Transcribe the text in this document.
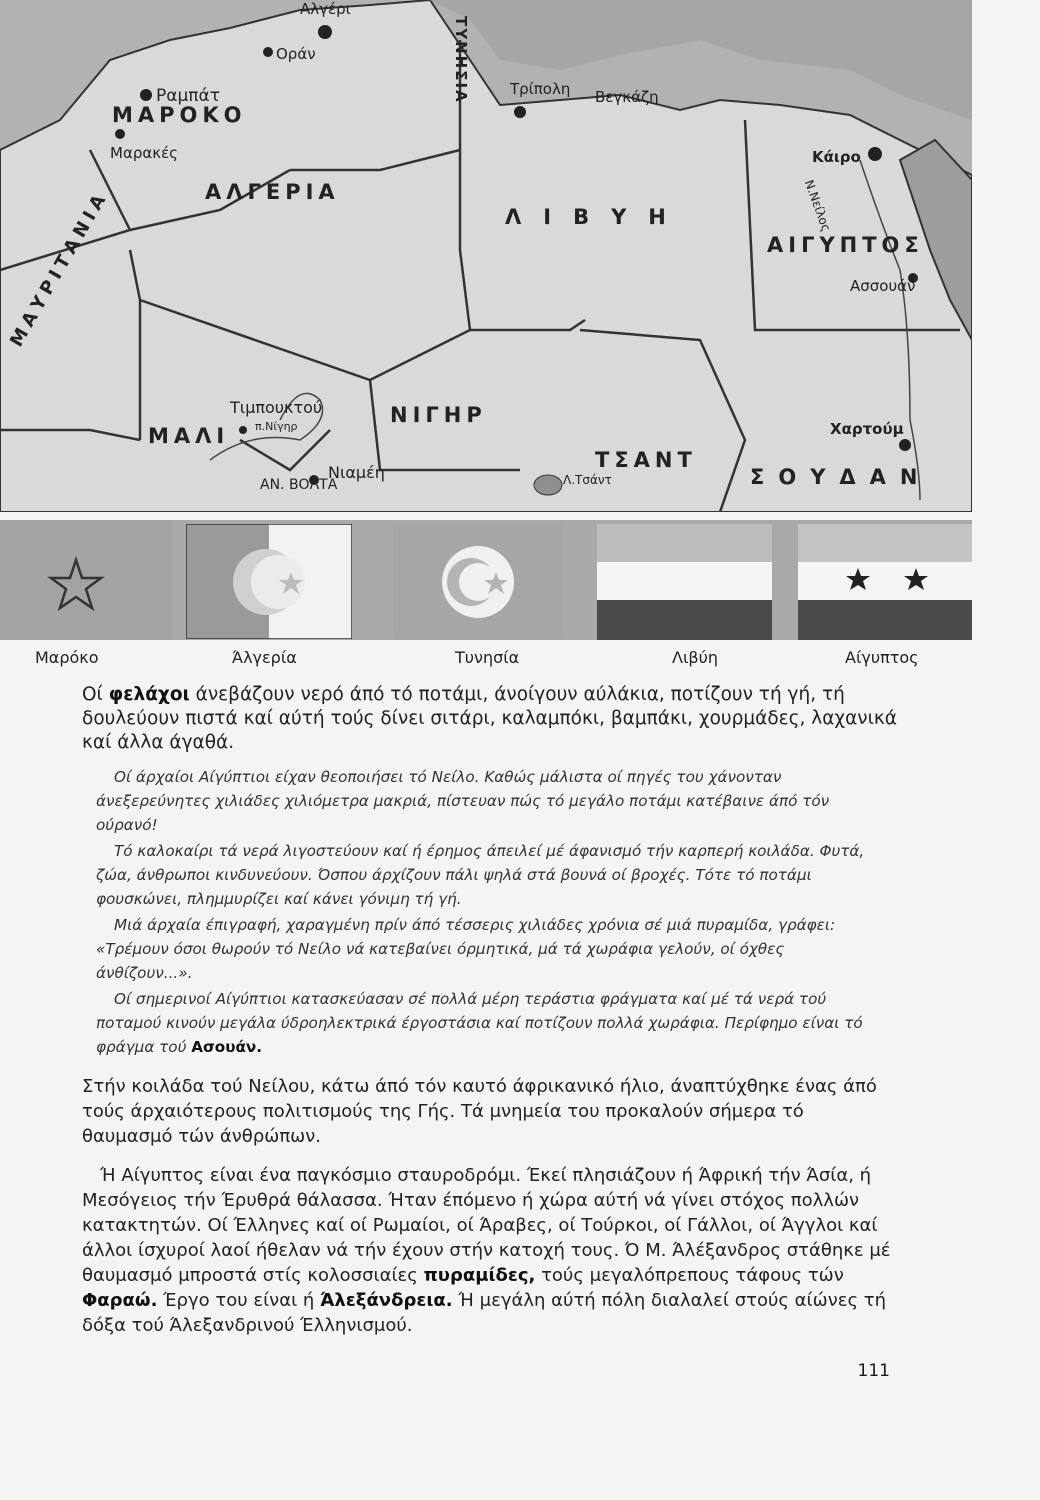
ΜΑΡΟΚΟ
ΑΛΓΕΡΙΑ
ΛΙΒΥΗ
ΑΙΓΥΠΤΟΣ
ΜΑΥΡΙΤΑΝΙΑ
ΤΥΝΗΣΙΑ
ΜΑΛΙ
ΝΙΓΗΡ
ΤΣΑΝΤ
ΣΟΥΔΑΝ
ΑΝ. ΒΟΛΤΑ
Αλγέρι
Οράν
Ραμπάτ
Μαρακές
Τρίπολη Βεγκάζη
Κάιρο
Ασσουάν
Χαρτούμ
Τιμπουκτού
Νιαμέη	Λ.Τσάντ
Ν.Νείλος
π.Νίγηρ
Μαρόκο	Άλγερία	Τυνησία	Λιβύη	Αίγυπτος
Οί φελάχοι άνεβάζουν νερό άπό τό ποτάμι, άνοίγουν αύλάκια, ποτίζουν τή γή, τή δουλεύουν πιστά καί αύτή τούς δίνει σιτάρι, καλαμπόκι, βαμπάκι, χουρμάδες, λαχανικά καί άλλα άγαθά.

Οί άρχαίοι Αίγύπτιοι είχαν θεοποιήσει τό Νείλο. Καθώς μάλιστα οί πηγές του χάνονταν άνεξερεύνητες χιλιάδες χιλιόμετρα μακριά, πίστευαν πώς τό μεγάλο ποτάμι κατέβαινε άπό τόν ούρανό!

Τό καλοκαίρι τά νερά λιγοστεύουν καί ή έρημος άπειλεί μέ άφανισμό τήν καρπερή κοιλάδα. Φυτά, ζώα, άνθρωποι κινδυνεύουν. Όσπου άρχίζουν πάλι ψηλά στά βουνά οί βροχές. Τότε τό ποτάμι φουσκώνει, πλημμυρίζει καί κάνει γόνιμη τή γή.

Μιά άρχαία έπιγραφή, χαραγμένη πρίν άπό τέσσερις χιλιάδες χρόνια σέ μιά πυραμίδα, γράφει: «Τρέμουν όσοι θωρούν τό Νείλο νά κατεβαίνει όρμητικά, μά τά χωράφια γελούν, οί όχθες άνθίζουν...».

Οί σημερινοί Αίγύπτιοι κατασκεύασαν σέ πολλά μέρη τεράστια φράγματα καί μέ τά νερά τού ποταμού κινούν μεγάλα ύδροηλεκτρικά έργοστάσια καί ποτίζουν πολλά χωράφια. Περίφημο είναι τό φράγμα τού Ασουάν.

Στήν κοιλάδα τού Νείλου, κάτω άπό τόν καυτό άφρικανικό ήλιο, άναπτύχθηκε ένας άπό τούς άρχαιότερους πολιτισμούς της Γής. Τά μνημεία του προκαλούν σήμερα τό θαυμασμό τών άνθρώπων.
Ή Αίγυπτος είναι ένα παγκόσμιο σταυροδρόμι. Έκεί πλησιάζουν ή Άφρική τήν Άσία, ή Μεσόγειος τήν Έρυθρά θάλασσα. Ήταν έπόμενο ή χώρα αύτή νά γίνει στόχος πολλών κατακτητών. Οί Έλληνες καί οί Ρωμαίοι, οί Άραβες, οί Τούρκοι, οί Γάλλοι, οί Άγγλοι καί άλλοι ίσχυροί λαοί ήθελαν νά τήν έχουν στήν κατοχή τους. Ό Μ. Άλέξανδρος στάθηκε μέ θαυμασμό μπροστά στίς κολοσσιαίες πυραμίδες, τούς μεγαλόπρεπους τάφους τών Φαραώ. Έργο του είναι ή Άλεξάνδρεια. Ή μεγάλη αύτή πόλη διαλαλεί στούς αίώνες τή δόξα τού Άλεξανδρινού Έλληνισμού.
111
